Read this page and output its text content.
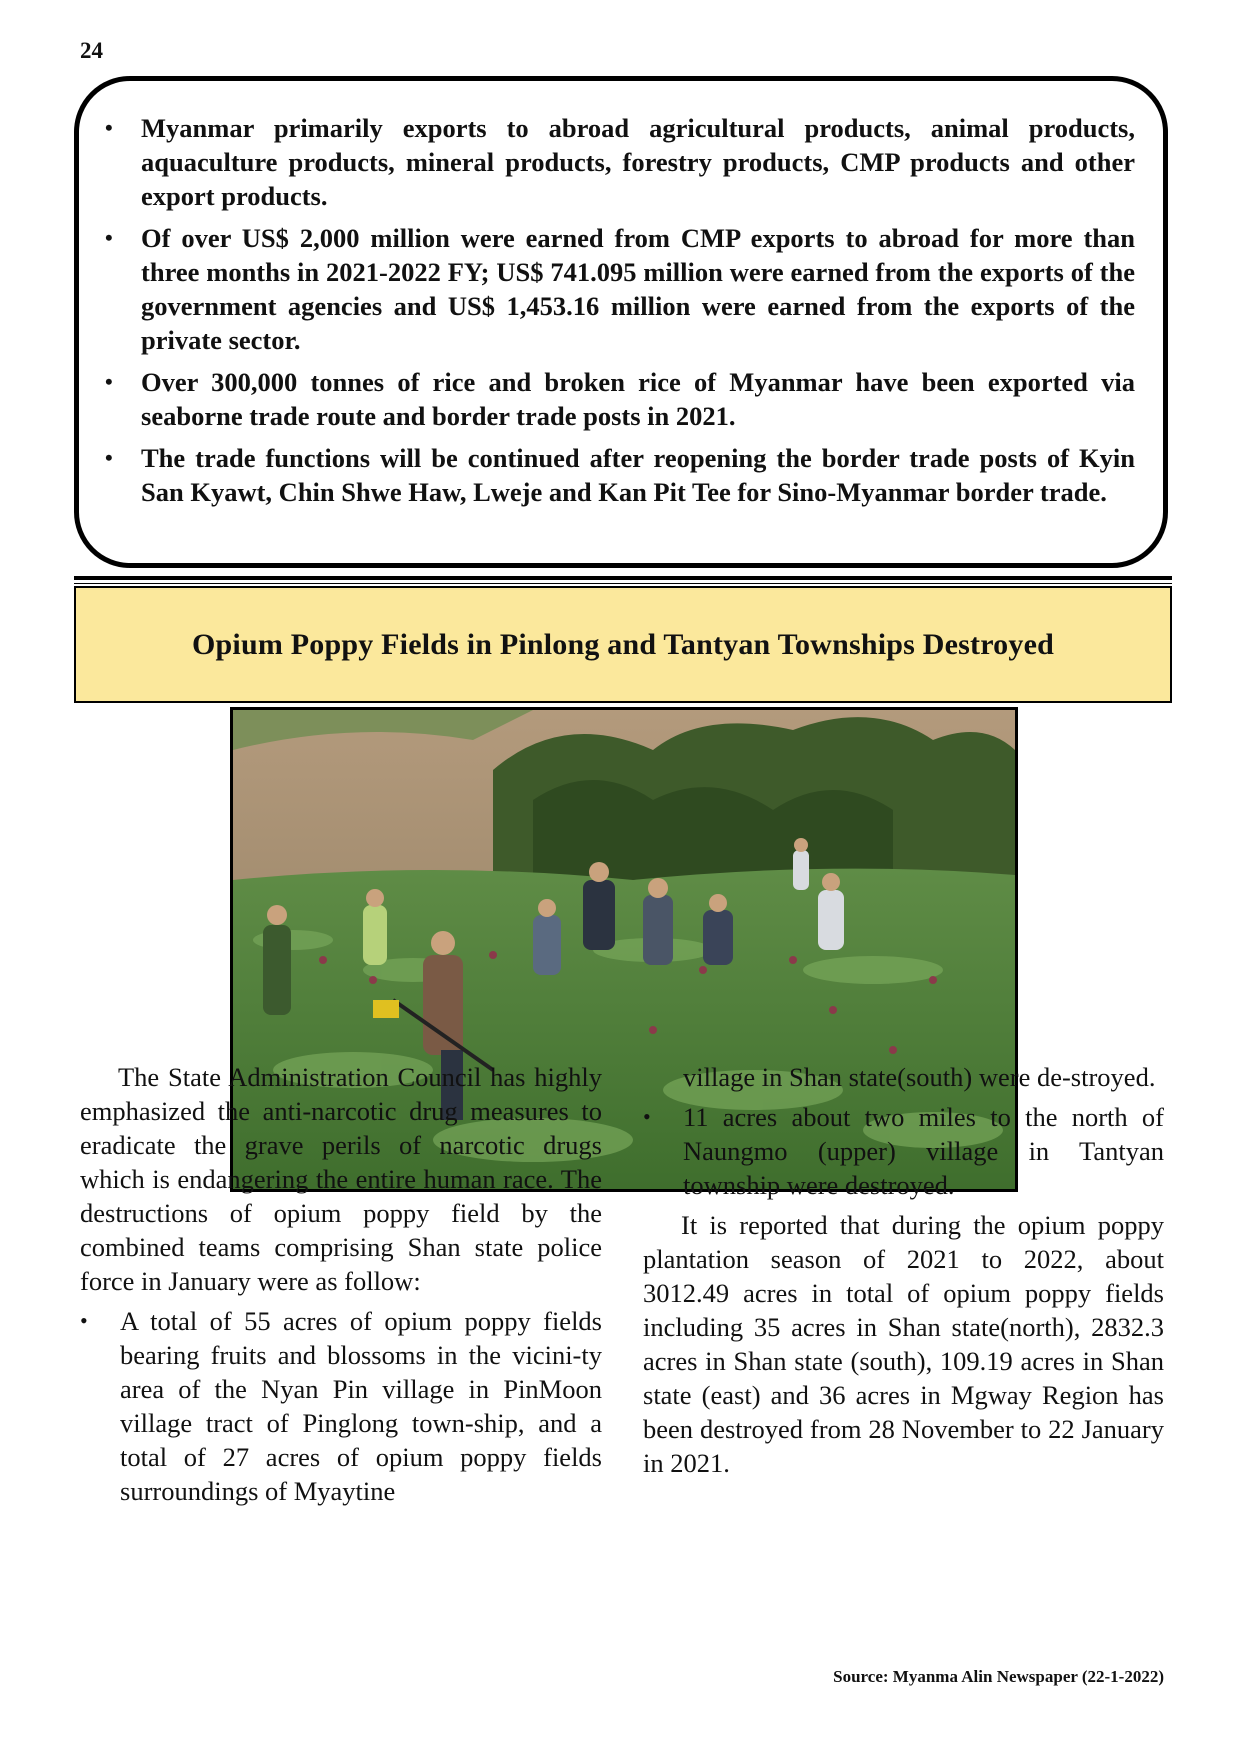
24
• Myanmar primarily exports to abroad agricultural products, animal products, aquaculture products, mineral products, forestry products, CMP products and other export products.
• Of over US$ 2,000 million were earned from CMP exports to abroad for more than three months in 2021-2022 FY; US$ 741.095 million were earned from the exports of the government agencies and US$ 1,453.16 million were earned from the exports of the private sector.
• Over 300,000 tonnes of rice and broken rice of Myanmar have been exported via seaborne trade route and border trade posts in 2021.
• The trade functions will be continued after reopening the border trade posts of Kyin San Kyawt, Chin Shwe Haw, Lweje and Kan Pit Tee for Sino-Myanmar border trade.
Opium Poppy Fields in Pinlong and Tantyan Townships Destroyed

The State Administration Council has highly emphasized the anti-narcotic drug measures to eradicate the grave perils of narcotic drugs which is endangering the entire human race. The destructions of opium poppy field by the combined teams comprising Shan state police force in January were as follow:

• A total of 55 acres of opium poppy fields bearing fruits and blossoms in the vicini-ty area of the Nyan Pin village in PinMoon village tract of Pinglong town-ship, and a total of 27 acres of opium poppy fields surroundings of Myaytine

village in Shan state(south) were de-stroyed.

• 11 acres about two miles to the north of Naungmo (upper) village in Tantyan township were destroyed.

It is reported that during the opium poppy plantation season of 2021 to 2022, about 3012.49 acres in total of opium poppy fields including 35 acres in Shan state(north), 2832.3 acres in Shan state (south), 109.19 acres in Shan state (east) and 36 acres in Mgway Region has been destroyed from 28 November to 22 January in 2021.

Source: Myanma Alin Newspaper (22-1-2022)
